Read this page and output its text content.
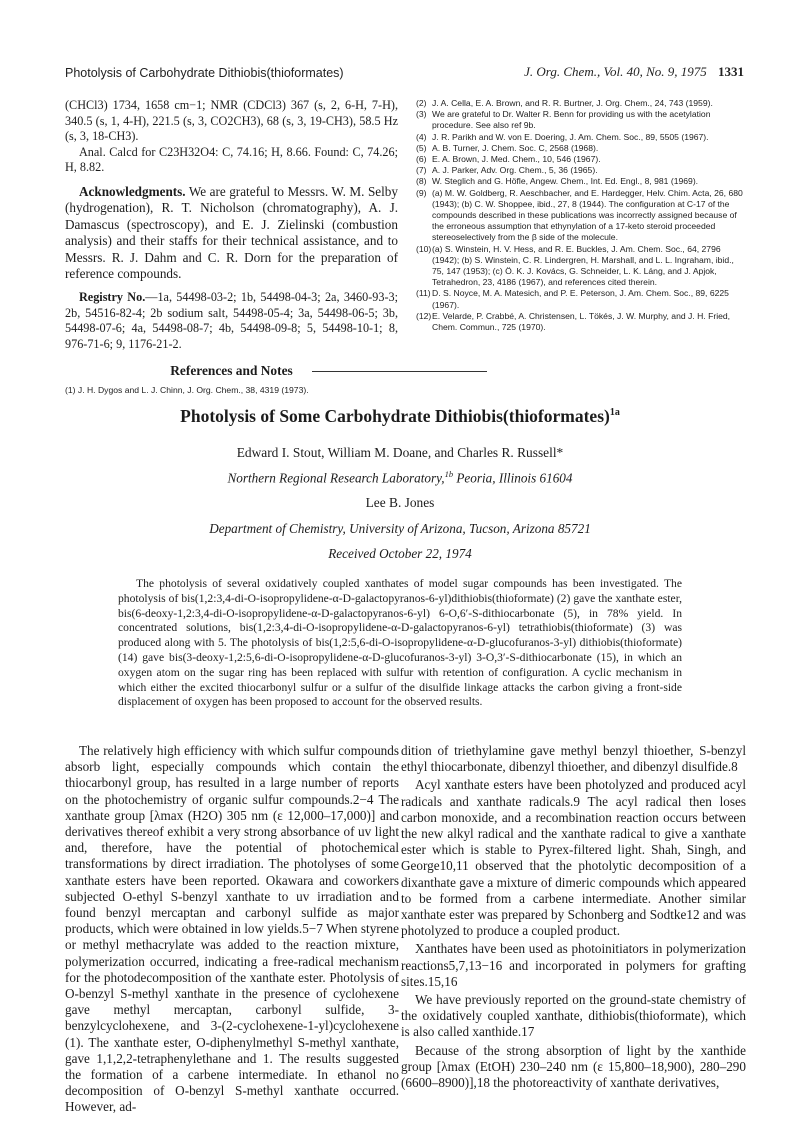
Photolysis of Carbohydrate Dithiobis(thioformates)	J. Org. Chem., Vol. 40, No. 9, 1975 1331

(CHCl3) 1734, 1658 cm−1; NMR (CDCl3) 367 (s, 2, 6-H, 7-H), 340.5 (s, 1, 4-H), 221.5 (s, 3, CO2CH3), 68 (s, 3, 19-CH3), 58.5 Hz (s, 3, 18-CH3).

Anal. Calcd for C23H32O4: C, 74.16; H, 8.66. Found: C, 74.26; H, 8.82.

Acknowledgments. We are grateful to Messrs. W. M. Selby (hydrogenation), R. T. Nicholson (chromatography), A. J. Damascus (spectroscopy), and E. J. Zielinski (combustion analysis) and their staffs for their technical assistance, and to Messrs. R. J. Dahm and C. R. Dorn for the preparation of reference compounds.

Registry No.—1a, 54498-03-2; 1b, 54498-04-3; 2a, 3460-93-3; 2b, 54516-82-4; 2b sodium salt, 54498-05-4; 3a, 54498-06-5; 3b, 54498-07-6; 4a, 54498-08-7; 4b, 54498-09-8; 5, 54498-10-1; 8, 976-71-6; 9, 1176-21-2.

References and Notes

(1) J. H. Dygos and L. J. Chinn, J. Org. Chem., 38, 4319 (1973).

(2) J. A. Cella, E. A. Brown, and R. R. Burtner, J. Org. Chem., 24, 743 (1959).
(3) We are grateful to Dr. Walter R. Benn for providing us with the acetylation procedure. See also ref 9b.
(4) J. R. Parikh and W. von E. Doering, J. Am. Chem. Soc., 89, 5505 (1967).
(5) A. B. Turner, J. Chem. Soc. C, 2568 (1968).
(6) E. A. Brown, J. Med. Chem., 10, 546 (1967).
(7) A. J. Parker, Adv. Org. Chem., 5, 36 (1965).
(8) W. Steglich and G. Höfle, Angew. Chem., Int. Ed. Engl., 8, 981 (1969).
(9) (a) M. W. Goldberg, R. Aeschbacher, and E. Hardegger, Helv. Chim. Acta, 26, 680 (1943); (b) C. W. Shoppee, ibid., 27, 8 (1944). The configuration at C-17 of the compounds described in these publications was incorrectly assigned because of the erroneous assumption that ethynylation of a 17-keto steroid proceeded stereoselectively from the β side of the molecule.
(10) (a) S. Winstein, H. V. Hess, and R. E. Buckles, J. Am. Chem. Soc., 64, 2796 (1942); (b) S. Winstein, C. R. Lindergren, H. Marshall, and L. L. Ingraham, ibid., 75, 147 (1953); (c) Ö. K. J. Kovács, G. Schneider, L. K. Láng, and J. Apjok, Tetrahedron, 23, 4186 (1967), and references cited therein.
(11) D. S. Noyce, M. A. Matesich, and P. E. Peterson, J. Am. Chem. Soc., 89, 6225 (1967).
(12) E. Velarde, P. Crabbé, A. Christensen, L. Tökés, J. W. Murphy, and J. H. Fried, Chem. Commun., 725 (1970).
Photolysis of Some Carbohydrate Dithiobis(thioformates)$^{1a}$
Edward I. Stout, William M. Doane, and Charles R. Russell*
Northern Regional Research Laboratory,$^{1b}$ Peoria, Illinois 61604
Lee B. Jones
Department of Chemistry, University of Arizona, Tucson, Arizona 85721
Received October 22, 1974

The photolysis of several oxidatively coupled xanthates of model sugar compounds has been investigated. The photolysis of bis(1,2:3,4-di-O-isopropylidene-α-D-galactopyranos-6-yl)dithiobis(thioformate) (2) gave the xanthate ester, bis(6-deoxy-1,2:3,4-di-O-isopropylidene-α-D-galactopyranos-6-yl) 6-O,6′-S-dithiocarbonate (5), in 78% yield. In concentrated solutions, bis(1,2:3,4-di-O-isopropylidene-α-D-galactopyranos-6-yl) tetrathiobis(thioformate) (3) was produced along with 5. The photolysis of bis(1,2:5,6-di-O-isopropylidene-α-D-glucofuranos-3-yl) dithiobis(thioformate) (14) gave bis(3-deoxy-1,2:5,6-di-O-isopropylidene-α-D-glucofuranos-3-yl) 3-O,3′-S-dithiocarbonate (15), in which an oxygen atom on the sugar ring has been replaced with sulfur with retention of configuration. A cyclic mechanism in which either the excited thiocarbonyl sulfur or a sulfur of the disulfide linkage attacks the carbon giving a front-side displacement of oxygen has been proposed to account for the observed results.

The relatively high efficiency with which sulfur compounds absorb light, especially compounds which contain the thiocarbonyl group, has resulted in a large number of reports on the photochemistry of organic sulfur compounds.2−4 The xanthate group [λmax (H2O) 305 nm (ε 12,000–17,000)] and derivatives thereof exhibit a very strong absorbance of uv light and, therefore, have the potential of photochemical transformations by direct irradiation. The photolyses of some xanthate esters have been reported. Okawara and coworkers subjected O-ethyl S-benzyl xanthate to uv irradiation and found benzyl mercaptan and carbonyl sulfide as major products, which were obtained in low yields.5−7 When styrene or methyl methacrylate was added to the reaction mixture, polymerization occurred, indicating a free-radical mechanism for the photodecomposition of the xanthate ester. Photolysis of O-benzyl S-methyl xanthate in the presence of cyclohexene gave methyl mercaptan, carbonyl sulfide, 3-benzylcyclohexene, and 3-(2-cyclohexene-1-yl)cyclohexene (1). The xanthate ester, O-diphenylmethyl S-methyl xanthate, gave 1,1,2,2-tetraphenylethane and 1. The results suggested the formation of a carbene intermediate. In ethanol no decomposition of O-benzyl S-methyl xanthate occurred. However, ad-

dition of triethylamine gave methyl benzyl thioether, S-benzyl ethyl thiocarbonate, dibenzyl thioether, and dibenzyl disulfide.8

Acyl xanthate esters have been photolyzed and produced acyl radicals and xanthate radicals.9 The acyl radical then loses carbon monoxide, and a recombination reaction occurs between the new alkyl radical and the xanthate radical to give a xanthate ester which is stable to Pyrex-filtered light. Shah, Singh, and George10,11 observed that the photolytic decomposition of a dixanthate gave a mixture of dimeric compounds which appeared to be formed from a carbene intermediate. Another similar xanthate ester was prepared by Schonberg and Sodtke12 and was photolyzed to produce a coupled product.

Xanthates have been used as photoinitiators in polymerization reactions5,7,13−16 and incorporated in polymers for grafting sites.15,16

We have previously reported on the ground-state chemistry of the oxidatively coupled xanthate, dithiobis(thioformate), which is also called xanthide.17

Because of the strong absorption of light by the xanthide group [λmax (EtOH) 230–240 nm (ε 15,800–18,900), 280–290 (6600–8900)],18 the photoreactivity of xanthate derivatives,
